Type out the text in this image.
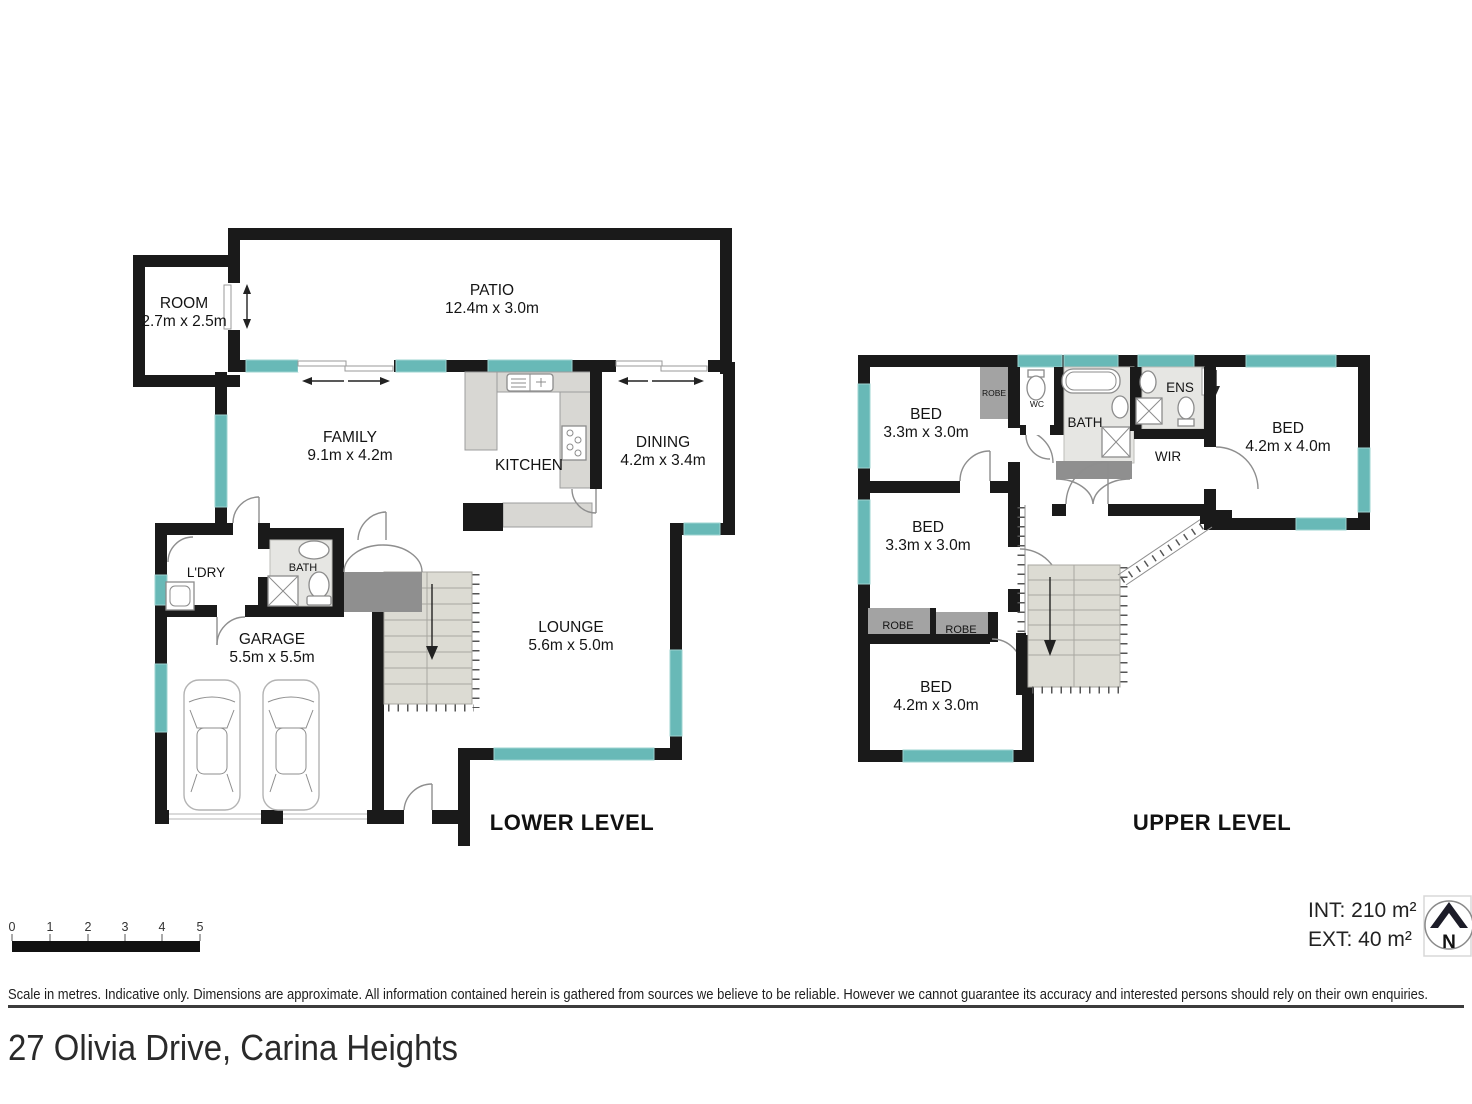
ROOM
2.7m x 2.5m
PATIO
12.4m x 3.0m
FAMILY
9.1m x 4.2m
KITCHEN
DINING
4.2m x 3.4m
L'DRY	BATH
GARAGE
5.5m x 5.5m
LOUNGE
5.6m x 5.0m
LOWER LEVEL
BED
3.3m x 3.0m
BED
3.3m x 3.0m
BED
4.2m x 3.0m
BED
4.2m x 4.0m
ROBE
WC
BATH
ENS
WIR
ROBE	ROBE
UPPER LEVEL
0 1 2 3 4 5
INT: 210 m²
EXT: 40 m² N
Scale in metres. Indicative only. Dimensions are approximate. All information contained herein is gathered from sources we believe to be reliable. However we cannot guarantee its accuracy and interested persons should rely on their own enquiries.
27 Olivia Drive, Carina Heights
